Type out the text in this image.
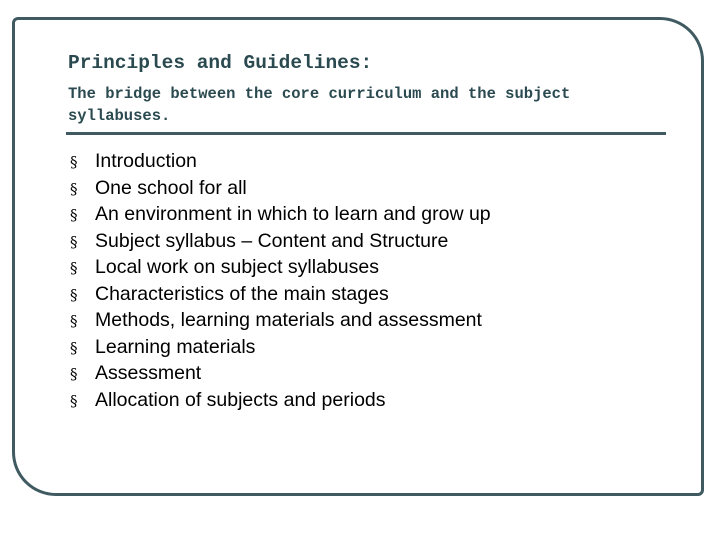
Principles and Guidelines:

The bridge between the core curriculum and the subject syllabuses.

§ Introduction
§ One school for all
§ An environment in which to learn and grow up
§ Subject syllabus – Content and Structure
§ Local work on subject syllabuses
§ Characteristics of the main stages
§ Methods, learning materials and assessment
§ Learning materials
§ Assessment
§ Allocation of subjects and periods
